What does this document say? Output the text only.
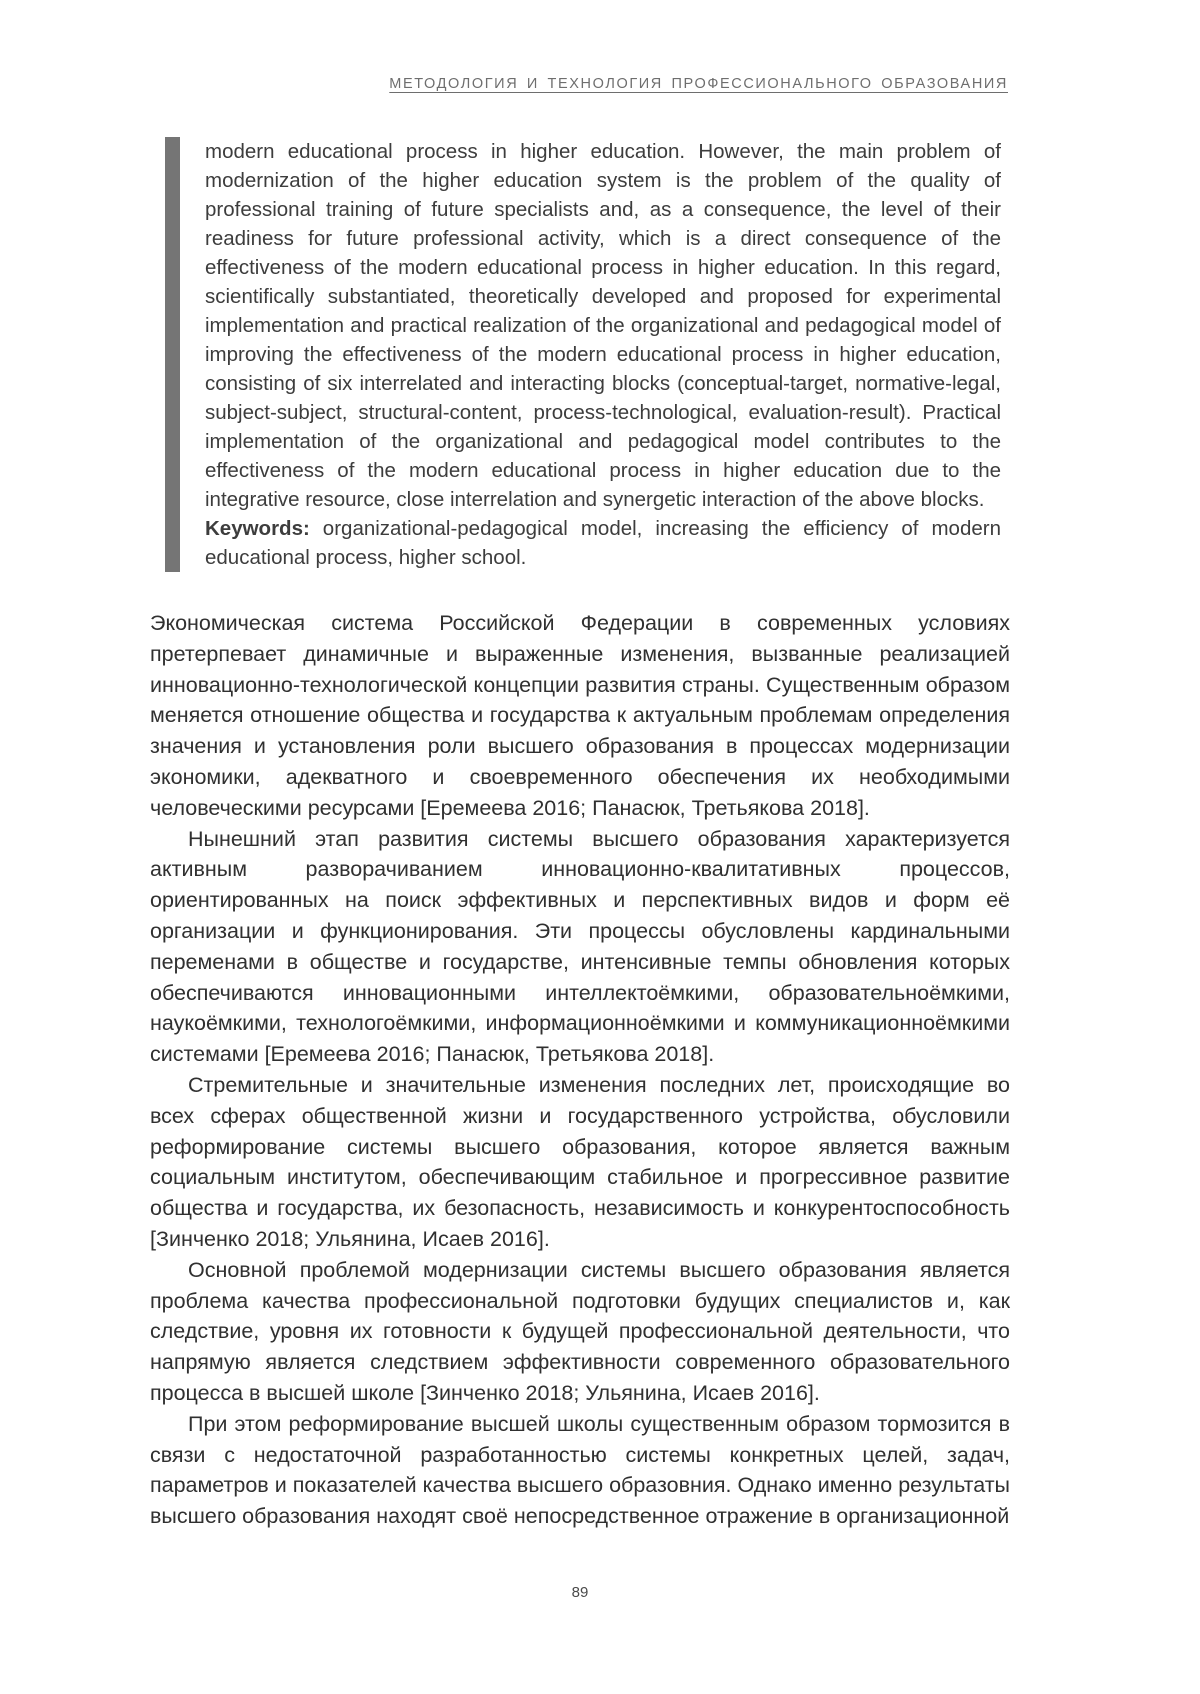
МЕТОДОЛОГИЯ И ТЕХНОЛОГИЯ ПРОФЕССИОНАЛЬНОГО ОБРАЗОВАНИЯ

modern educational process in higher education. However, the main problem of modernization of the higher education system is the problem of the quality of professional training of future specialists and, as a consequence, the level of their readiness for future professional activity, which is a direct consequence of the effectiveness of the modern educational process in higher education. In this regard, scientifically substantiated, theoretically developed and proposed for experimental implementation and practical realization of the organizational and pedagogical model of improving the effectiveness of the modern educational process in higher education, consisting of six interrelated and interacting blocks (conceptual-target, normative-legal, subject-subject, structural-content, process-technological, evaluation-result). Practical implementation of the organizational and pedagogical model contributes to the effectiveness of the modern educational process in higher education due to the integrative resource, close interrelation and synergetic interaction of the above blocks.

Keywords: organizational-pedagogical model, increasing the efficiency of modern educational process, higher school.

Экономическая система Российской Федерации в современных условиях претерпевает динамичные и выраженные изменения, вызванные реализацией инновационно-технологической концепции развития страны. Существенным образом меняется отношение общества и государства к актуальным проблемам определения значения и установления роли высшего образования в процессах модернизации экономики, адекватного и своевременного обеспечения их необходимыми человеческими ресурсами [Еремеева 2016; Панасюк, Третьякова 2018].

Нынешний этап развития системы высшего образования характеризуется активным разворачиванием инновационно-квалитативных процессов, ориентированных на поиск эффективных и перспективных видов и форм её организации и функционирования. Эти процессы обусловлены кардинальными переменами в обществе и государстве, интенсивные темпы обновления которых обеспечиваются инновационными интеллектоёмкими, образовательноёмкими, наукоёмкими, технологоёмкими, информационноёмкими и коммуникационноёмкими системами [Еремеева 2016; Панасюк, Третьякова 2018].

Стремительные и значительные изменения последних лет, происходящие во всех сферах общественной жизни и государственного устройства, обусловили реформирование системы высшего образования, которое является важным социальным институтом, обеспечивающим стабильное и прогрессивное развитие общества и государства, их безопасность, независимость и конкурентоспособность [Зинченко 2018; Ульянина, Исаев 2016].

Основной проблемой модернизации системы высшего образования является проблема качества профессиональной подготовки будущих специалистов и, как следствие, уровня их готовности к будущей профессиональной деятельности, что напрямую является следствием эффективности современного образовательного процесса в высшей школе [Зинченко 2018; Ульянина, Исаев 2016].

При этом реформирование высшей школы существенным образом тормозится в связи с недостаточной разработанностью системы конкретных целей, задач, параметров и показателей качества высшего образовния. Однако именно результаты высшего образования находят своё непосредственное отражение в организационной

89
